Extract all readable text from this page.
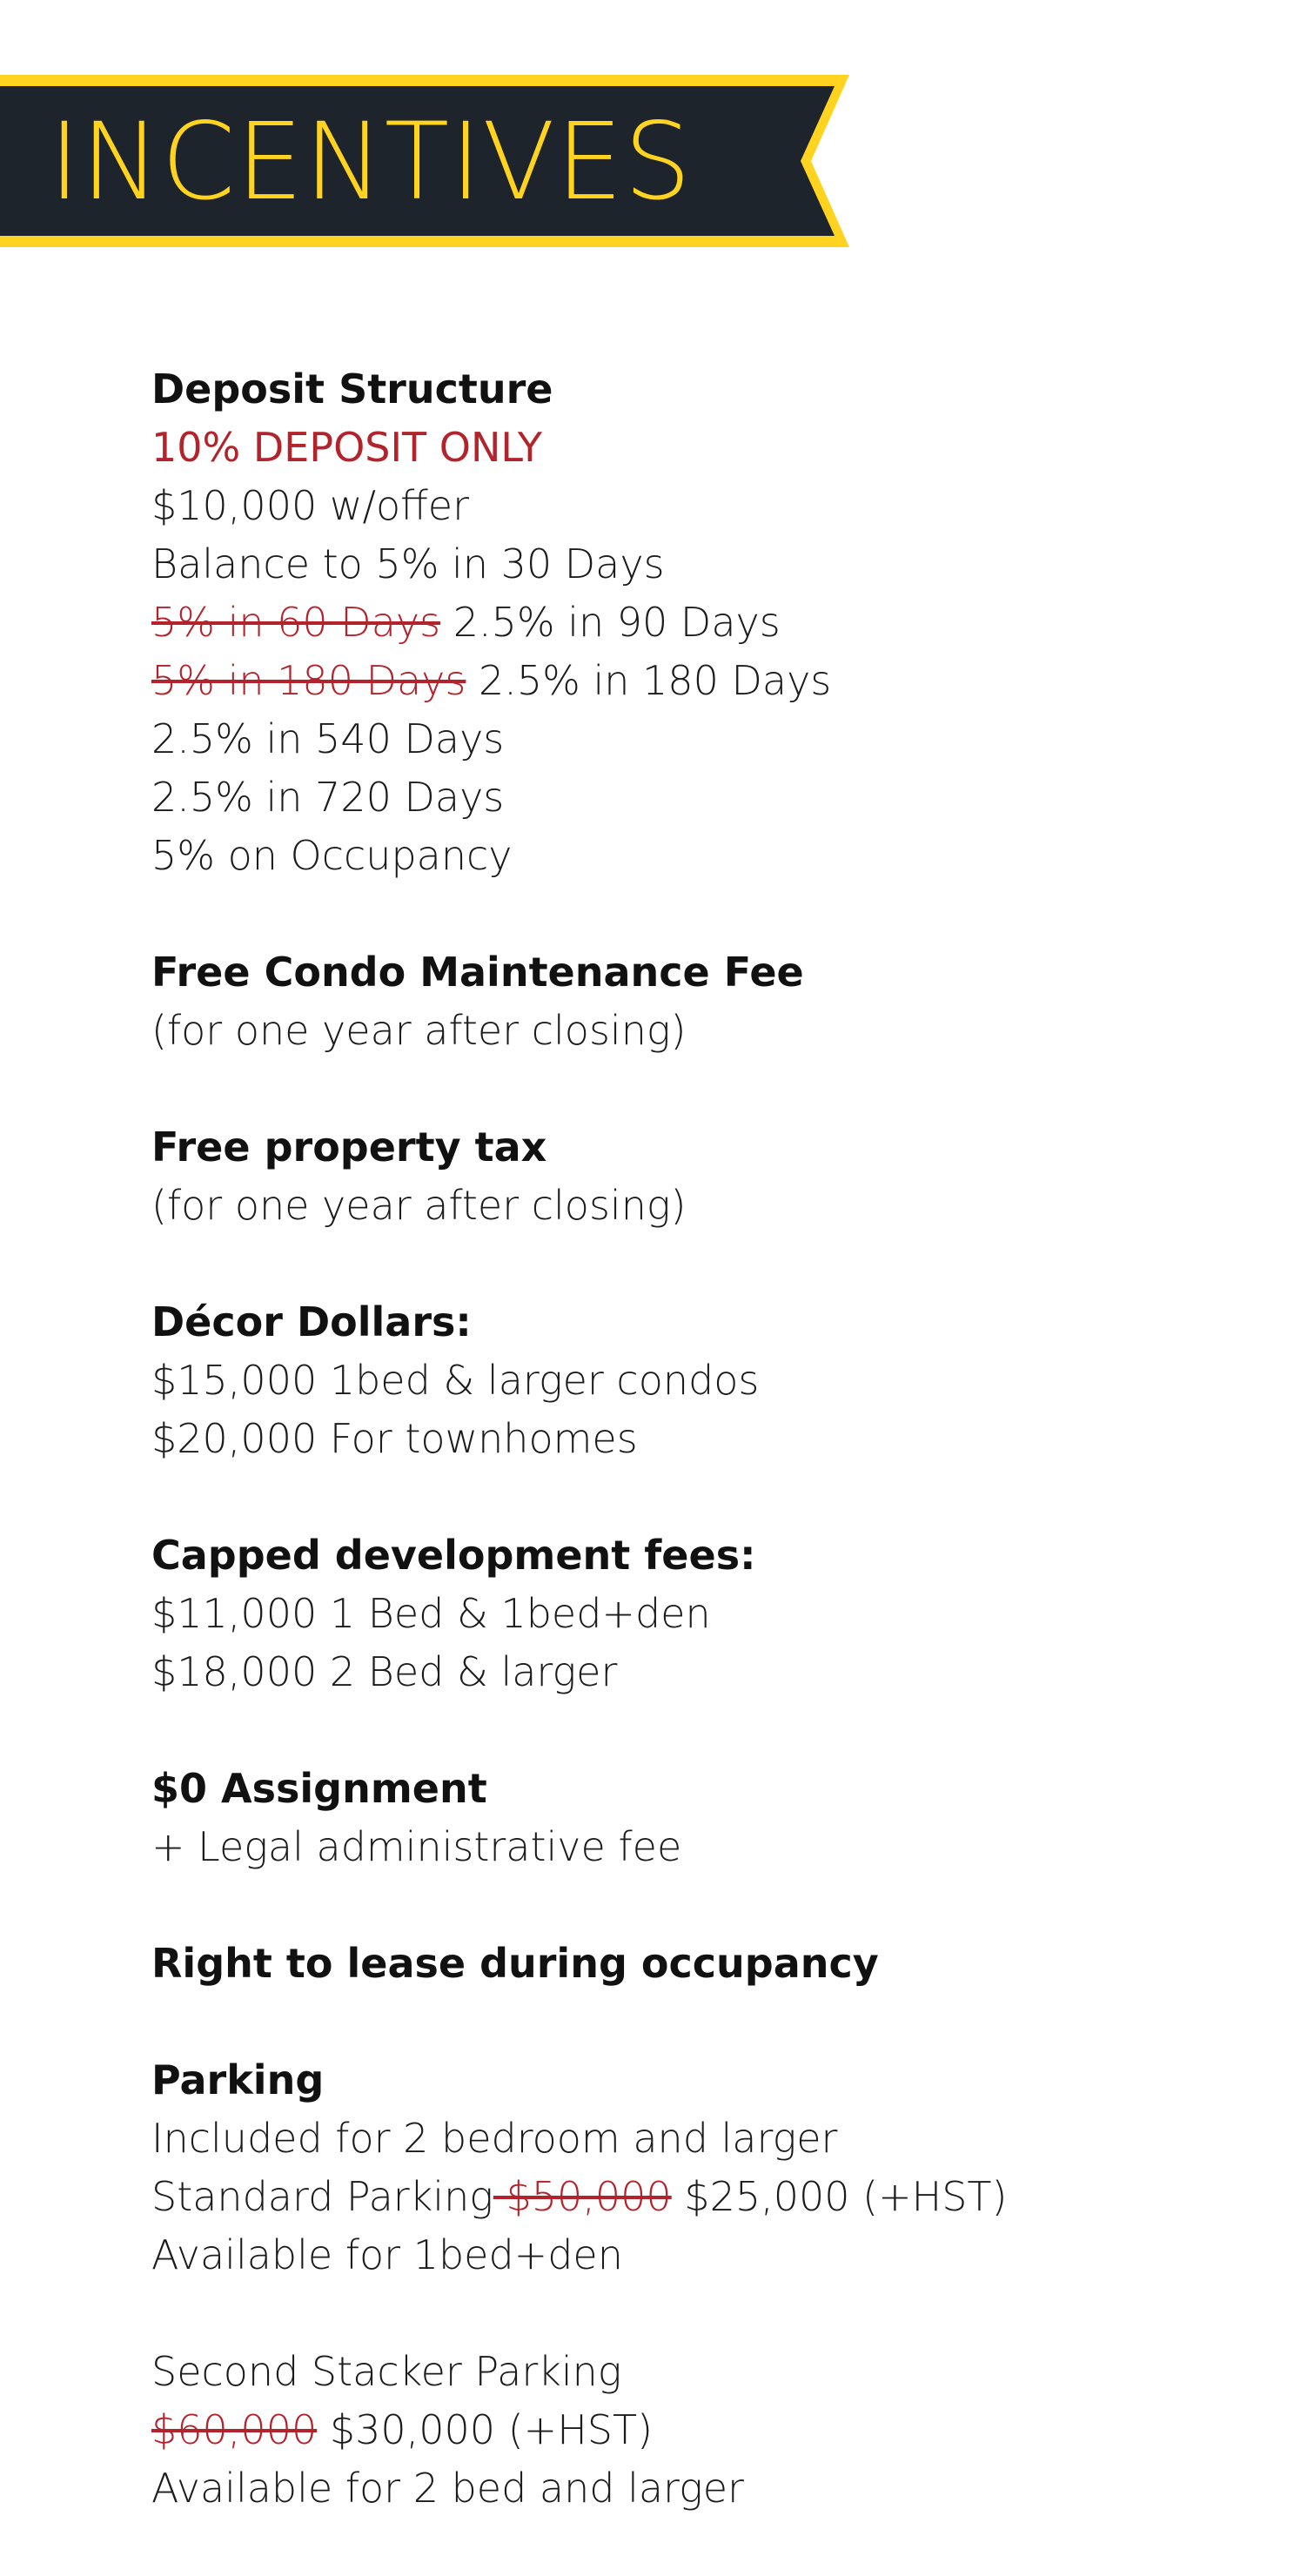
INCENTIVES
Deposit Structure
10% DEPOSIT ONLY
$10,000 w/offer
Balance to 5% in 30 Days
5% in 60 Days 2.5% in 90 Days
5% in 180 Days 2.5% in 180 Days
2.5% in 540 Days
2.5% in 720 Days
5% on Occupancy
Free Condo Maintenance Fee
(for one year after closing)
Free property tax
(for one year after closing)
Décor Dollars:
$15,000 1bed & larger condos
$20,000 For townhomes
Capped development fees:
$11,000 1 Bed & 1bed+den
$18,000 2 Bed & larger
$0 Assignment
+ Legal administrative fee
Right to lease during occupancy
Parking
Included for 2 bedroom and larger
Standard Parking $50,000 $25,000 (+HST)
Available for 1bed+den
Second Stacker Parking
$60,000 $30,000 (+HST)
Available for 2 bed and larger
